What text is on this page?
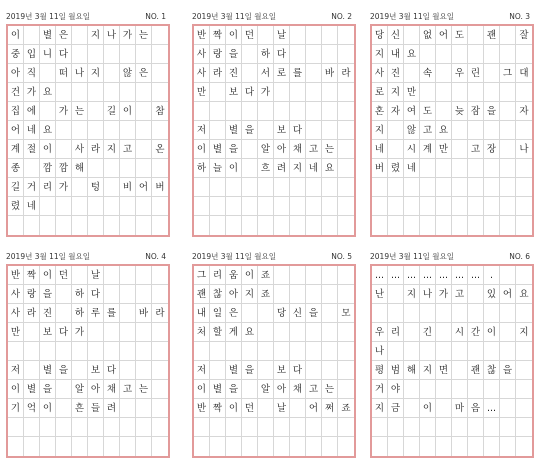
2019년 3월 11일 월요일	NO. 1
이	별 은	지 나 가 는
중 입 니 다
아 직	떠 나 지	않 은
건 가 요
집 에	가 는	길 이	참
어 네 요
계 절 이	사 라 지 고	온
종	깜 깜 해
길 거 리 가	텅	비 어 버
렸 네
2019년 3월 11일 월요일	NO. 2
반 짝 이 던	날
사 랑 을	하 다
사 라 진	서 로 를	바 라
만	보 다 가
저	별 을	보 다
이 별 을	알 아 채 고 는
하 늘 이	흐 려 지 네 요
2019년 3월 11일 월요일	NO. 3
당 신	없 어 도	괜	잘
지 내 요
사 진	속	우 린	그 대
로 지 만
혼 자 여 도	늦 잠 을	자
지	않 고 요
네	시 계 만	고 장	나
버 렸 네
2019년 3월 11일 월요일	NO. 4
반 짝 이 던	날
사 랑 을	하 다
사 라 진	하 루 를	바 라
만	보 다 가
저	별 을	보 다
이 별 을	알 아 채 고 는
기 억 이	흔 들 려
2019년 3월 11일 월요일	NO. 5
그 리 움 이 죠
괜 찮 아 지 죠
내 일 은	당 신 을	모
처 할 게 요
저	별 을	보 다
이 별 을	알 아 채 고 는
반 짝 이 던	날	어 쩌 죠
2019년 3월 11일 월요일	NO. 6
... ... ... ... ... ... ...	.
난	지 나 가 고	있 어 요
우 리	긴	시 간 이	지
나
평 범 해 지 면	괜 찮 을
거 야
지 금	이	마 음 ...
